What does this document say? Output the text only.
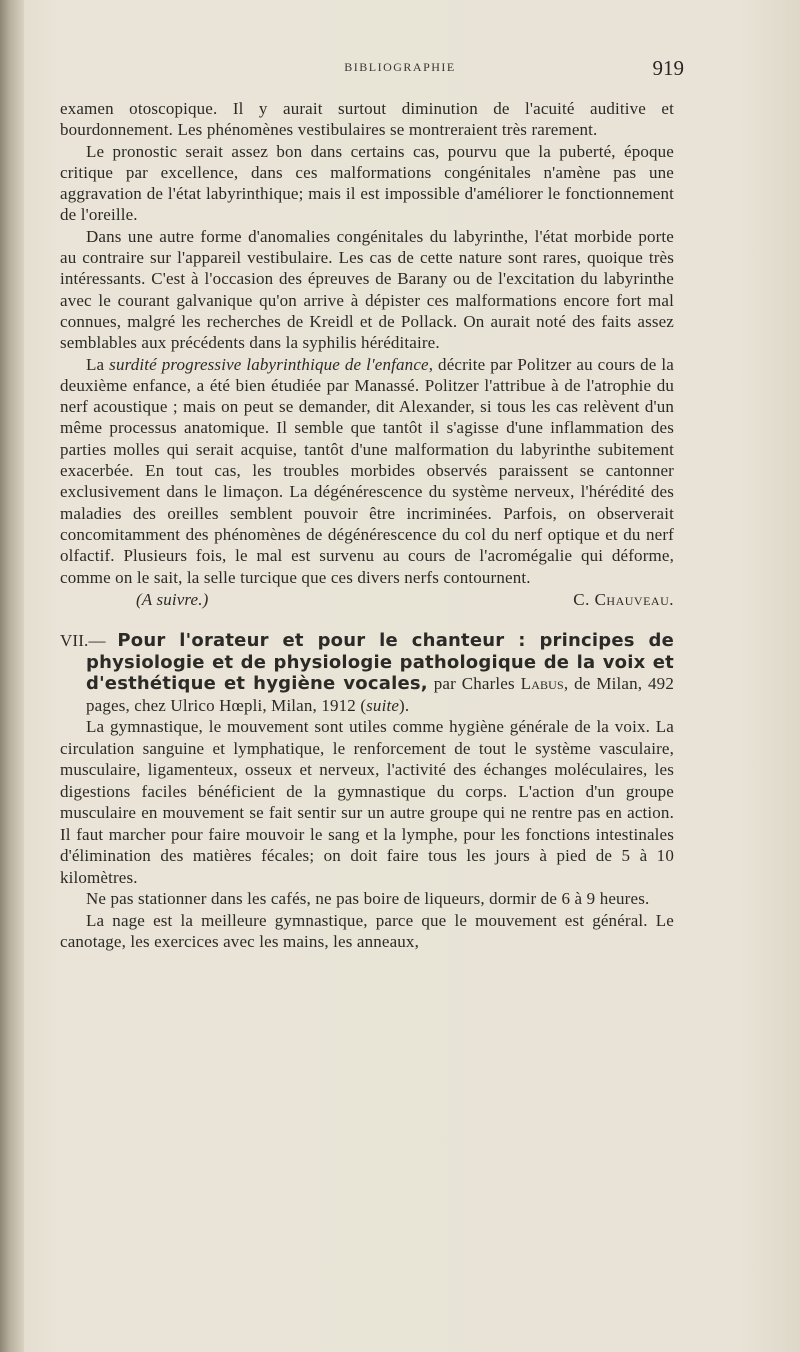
BIBLIOGRAPHIE	919

examen otoscopique. Il y aurait surtout diminution de l'acuité auditive et bourdonnement. Les phénomènes vestibulaires se montreraient très rarement.

Le pronostic serait assez bon dans certains cas, pourvu que la puberté, époque critique par excellence, dans ces malformations congénitales n'amène pas une aggravation de l'état labyrinthique; mais il est impossible d'améliorer le fonctionnement de l'oreille.

Dans une autre forme d'anomalies congénitales du labyrinthe, l'état morbide porte au contraire sur l'appareil vestibulaire. Les cas de cette nature sont rares, quoique très intéressants. C'est à l'occasion des épreuves de Barany ou de l'excitation du labyrinthe avec le courant galvanique qu'on arrive à dépister ces malformations encore fort mal connues, malgré les recherches de Kreidl et de Pollack. On aurait noté des faits assez semblables aux précédents dans la syphilis héréditaire.

La surdité progressive labyrinthique de l'enfance, décrite par Politzer au cours de la deuxième enfance, a été bien étudiée par Manassé. Politzer l'attribue à de l'atrophie du nerf acoustique ; mais on peut se demander, dit Alexander, si tous les cas relèvent d'un même processus anatomique. Il semble que tantôt il s'agisse d'une inflammation des parties molles qui serait acquise, tantôt d'une malformation du labyrinthe subitement exacerbée. En tout cas, les troubles morbides observés paraissent se cantonner exclusivement dans le limaçon. La dégénérescence du système nerveux, l'hérédité des maladies des oreilles semblent pouvoir être incriminées. Parfois, on observerait concomitamment des phénomènes de dégénérescence du col du nerf optique et du nerf olfactif. Plusieurs fois, le mal est survenu au cours de l'acromégalie qui déforme, comme on le sait, la selle turcique que ces divers nerfs contournent.

(A suivre.)	C. Chauveau.
VII.— Pour l'orateur et pour le chanteur : principes de physiologie et de physiologie pathologique de la voix et d'esthétique et hygiène vocales, par Charles Labus, de Milan, 492 pages, chez Ulrico Hœpli, Milan, 1912 (suite).

La gymnastique, le mouvement sont utiles comme hygiène générale de la voix. La circulation sanguine et lymphatique, le renforcement de tout le système vasculaire, musculaire, ligamenteux, osseux et nerveux, l'activité des échanges moléculaires, les digestions faciles bénéficient de la gymnastique du corps. L'action d'un groupe musculaire en mouvement se fait sentir sur un autre groupe qui ne rentre pas en action. Il faut marcher pour faire mouvoir le sang et la lymphe, pour les fonctions intestinales d'élimination des matières fécales; on doit faire tous les jours à pied de 5 à 10 kilomètres.

Ne pas stationner dans les cafés, ne pas boire de liqueurs, dormir de 6 à 9 heures.

La nage est la meilleure gymnastique, parce que le mouvement est général. Le canotage, les exercices avec les mains, les anneaux,
